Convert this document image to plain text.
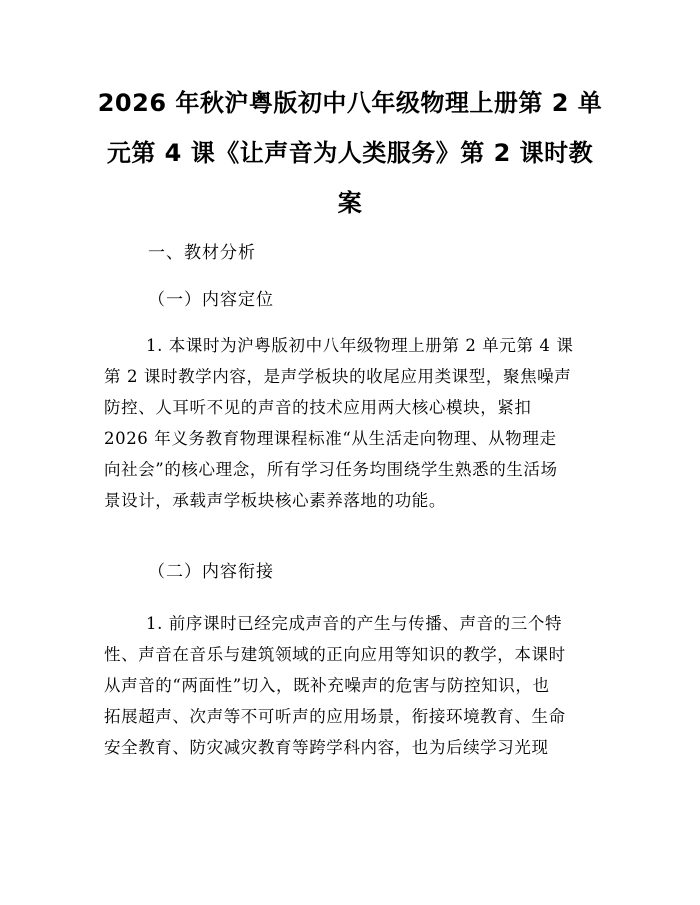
2026 年秋沪粤版初中八年级物理上册第 2 单
元第 4 课《让声音为人类服务》第 2 课时教
案

一、教材分析

（一）内容定位

1. 本课时为沪粤版初中八年级物理上册第 2 单元第 4 课
第 2 课时教学内容，是声学板块的收尾应用类课型，聚焦噪声
防控、人耳听不见的声音的技术应用两大核心模块，紧扣
2026 年义务教育物理课程标准“从生活走向物理、从物理走
向社会”的核心理念，所有学习任务均围绕学生熟悉的生活场
景设计，承载声学板块核心素养落地的功能。

（二）内容衔接

1. 前序课时已经完成声音的产生与传播、声音的三个特
性、声音在音乐与建筑领域的正向应用等知识的教学，本课时
从声音的“两面性”切入，既补充噪声的危害与防控知识，也
拓展超声、次声等不可听声的应用场景，衔接环境教育、生命
安全教育、防灾减灾教育等跨学科内容，也为后续学习光现
